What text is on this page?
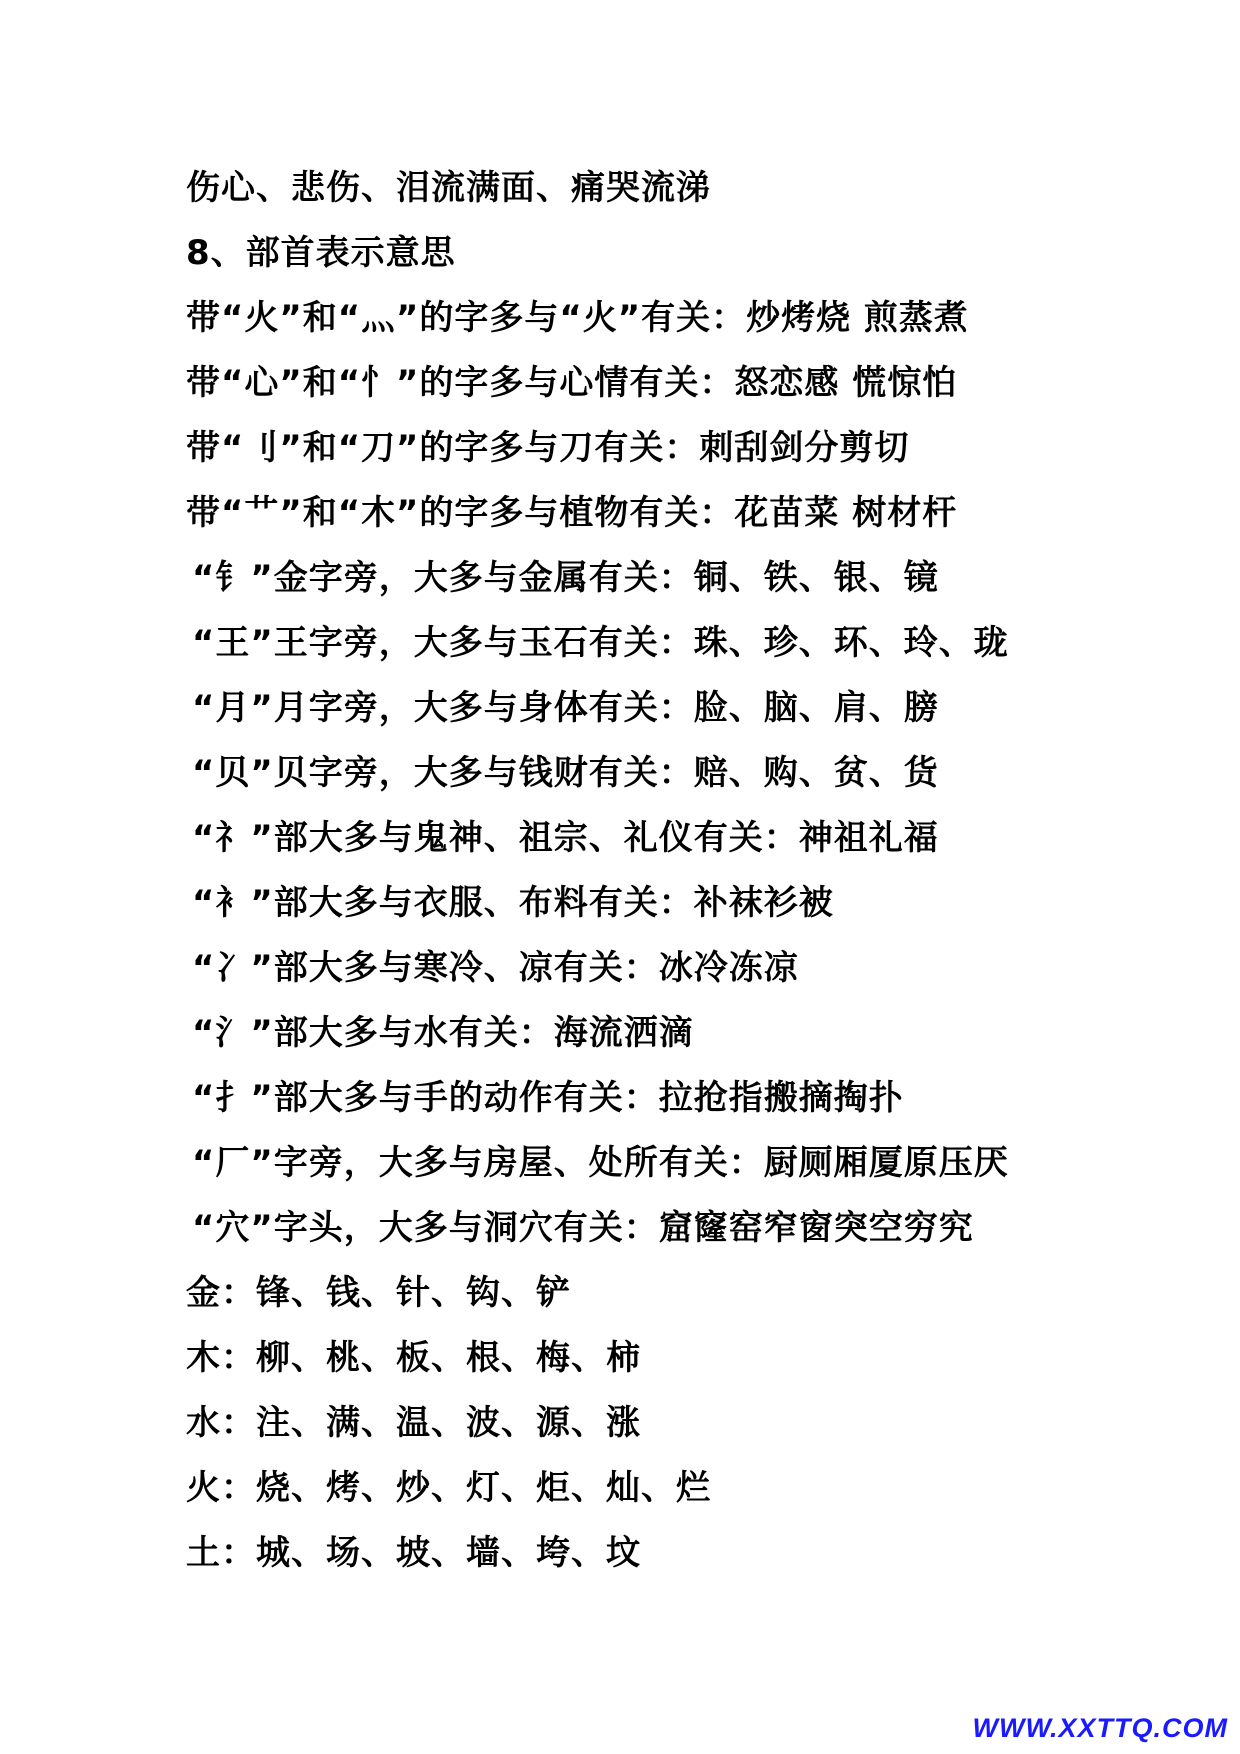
伤心、悲伤、泪流满面、痛哭流涕
8、部首表示意思
带“火”和“灬”的字多与“火”有关：炒烤烧 煎蒸煮
带“心”和“忄”的字多与心情有关：怒恋感 慌惊怕
带“刂”和“刀”的字多与刀有关：刺刮剑分剪切
带“艹”和“木”的字多与植物有关：花苗菜 树材杆
“钅”金字旁，大多与金属有关：铜、铁、银、镜
“王”王字旁，大多与玉石有关：珠、珍、环、玲、珑
“月”月字旁，大多与身体有关：脸、脑、肩、膀
“贝”贝字旁，大多与钱财有关：赔、购、贫、货
“礻”部大多与鬼神、祖宗、礼仪有关：神祖礼福
“衤”部大多与衣服、布料有关：补袜衫被
“冫”部大多与寒冷、凉有关：冰冷冻凉
“氵”部大多与水有关：海流洒滴
“扌”部大多与手的动作有关：拉抢指搬摘掏扑
“厂”字旁，大多与房屋、处所有关：厨厕厢厦原压厌
“穴”字头，大多与洞穴有关：窟窿窑窄窗突空穷究
金：锋、钱、针、钩、铲
木：柳、桃、板、根、梅、柿
水：注、满、温、波、源、涨
火：烧、烤、炒、灯、炬、灿、烂
土：城、场、坡、墙、垮、坟
WWW.XXTTQ.COM
